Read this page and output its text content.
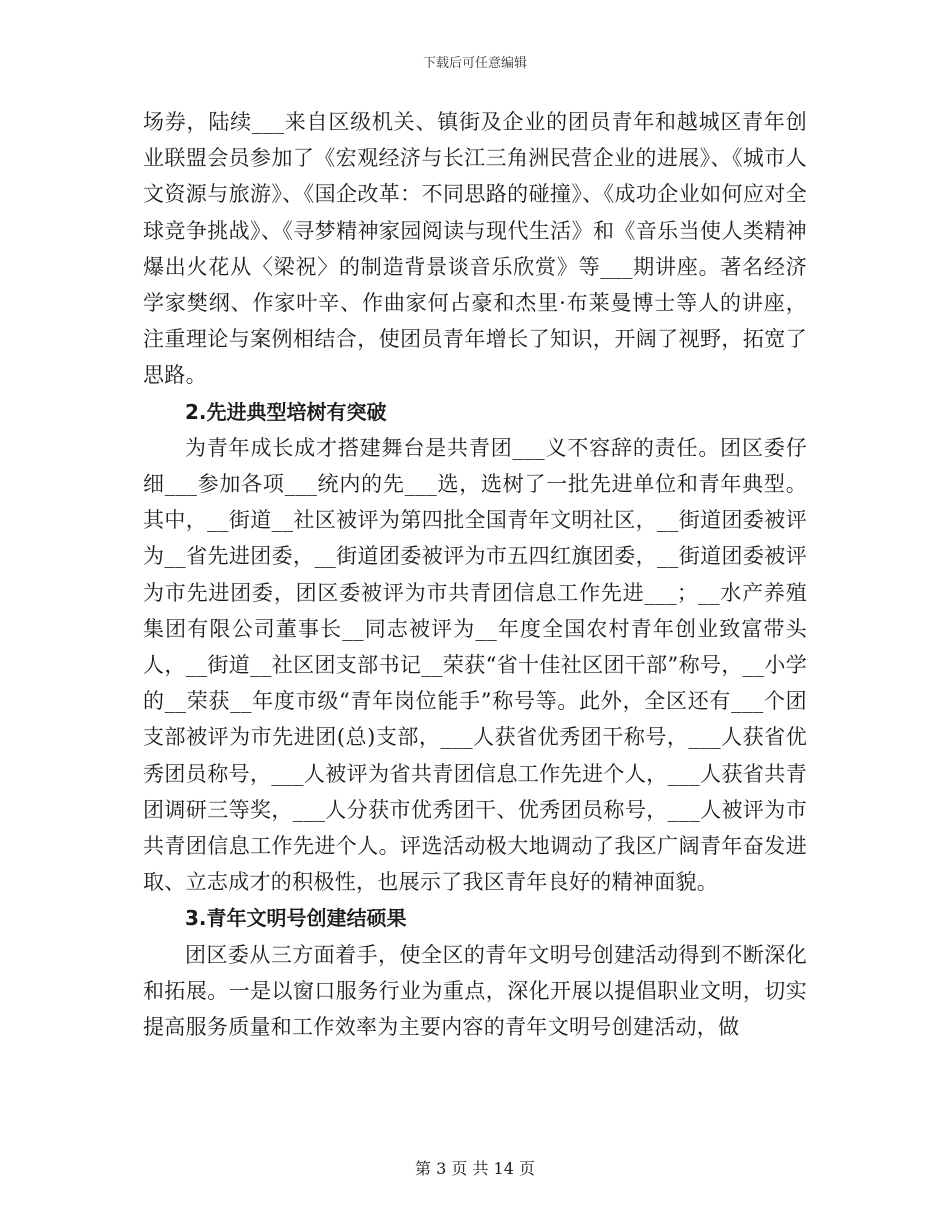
下载后可任意编辑

场券，陆续___来自区级机关、镇街及企业的团员青年和越城区青年创业联盟会员参加了《宏观经济与长江三角洲民营企业的进展》、《城市人文资源与旅游》、《国企改革：不同思路的碰撞》、《成功企业如何应对全球竞争挑战》、《寻梦精神家园阅读与现代生活》和《音乐当使人类精神爆出火花从〈梁祝〉的制造背景谈音乐欣赏》等___期讲座。著名经济学家樊纲、作家叶辛、作曲家何占豪和杰里·布莱曼博士等人的讲座，注重理论与案例相结合，使团员青年增长了知识，开阔了视野，拓宽了思路。

2.先进典型培树有突破

为青年成长成才搭建舞台是共青团___义不容辞的责任。团区委仔细___参加各项___统内的先___选，选树了一批先进单位和青年典型。其中，__街道__社区被评为第四批全国青年文明社区，__街道团委被评为__省先进团委，__街道团委被评为市五四红旗团委，__街道团委被评为市先进团委，团区委被评为市共青团信息工作先进___；__水产养殖集团有限公司董事长__同志被评为__年度全国农村青年创业致富带头人，__街道__社区团支部书记__荣获“省十佳社区团干部”称号，__小学的__荣获__年度市级“青年岗位能手”称号等。此外，全区还有___个团支部被评为市先进团(总)支部，___人获省优秀团干称号，___人获省优秀团员称号，___人被评为省共青团信息工作先进个人，___人获省共青团调研三等奖，___人分获市优秀团干、优秀团员称号，___人被评为市共青团信息工作先进个人。评选活动极大地调动了我区广阔青年奋发进取、立志成才的积极性，也展示了我区青年良好的精神面貌。

3.青年文明号创建结硕果

团区委从三方面着手，使全区的青年文明号创建活动得到不断深化和拓展。一是以窗口服务行业为重点，深化开展以提倡职业文明，切实提高服务质量和工作效率为主要内容的青年文明号创建活动，做

第 3 页 共 14 页
